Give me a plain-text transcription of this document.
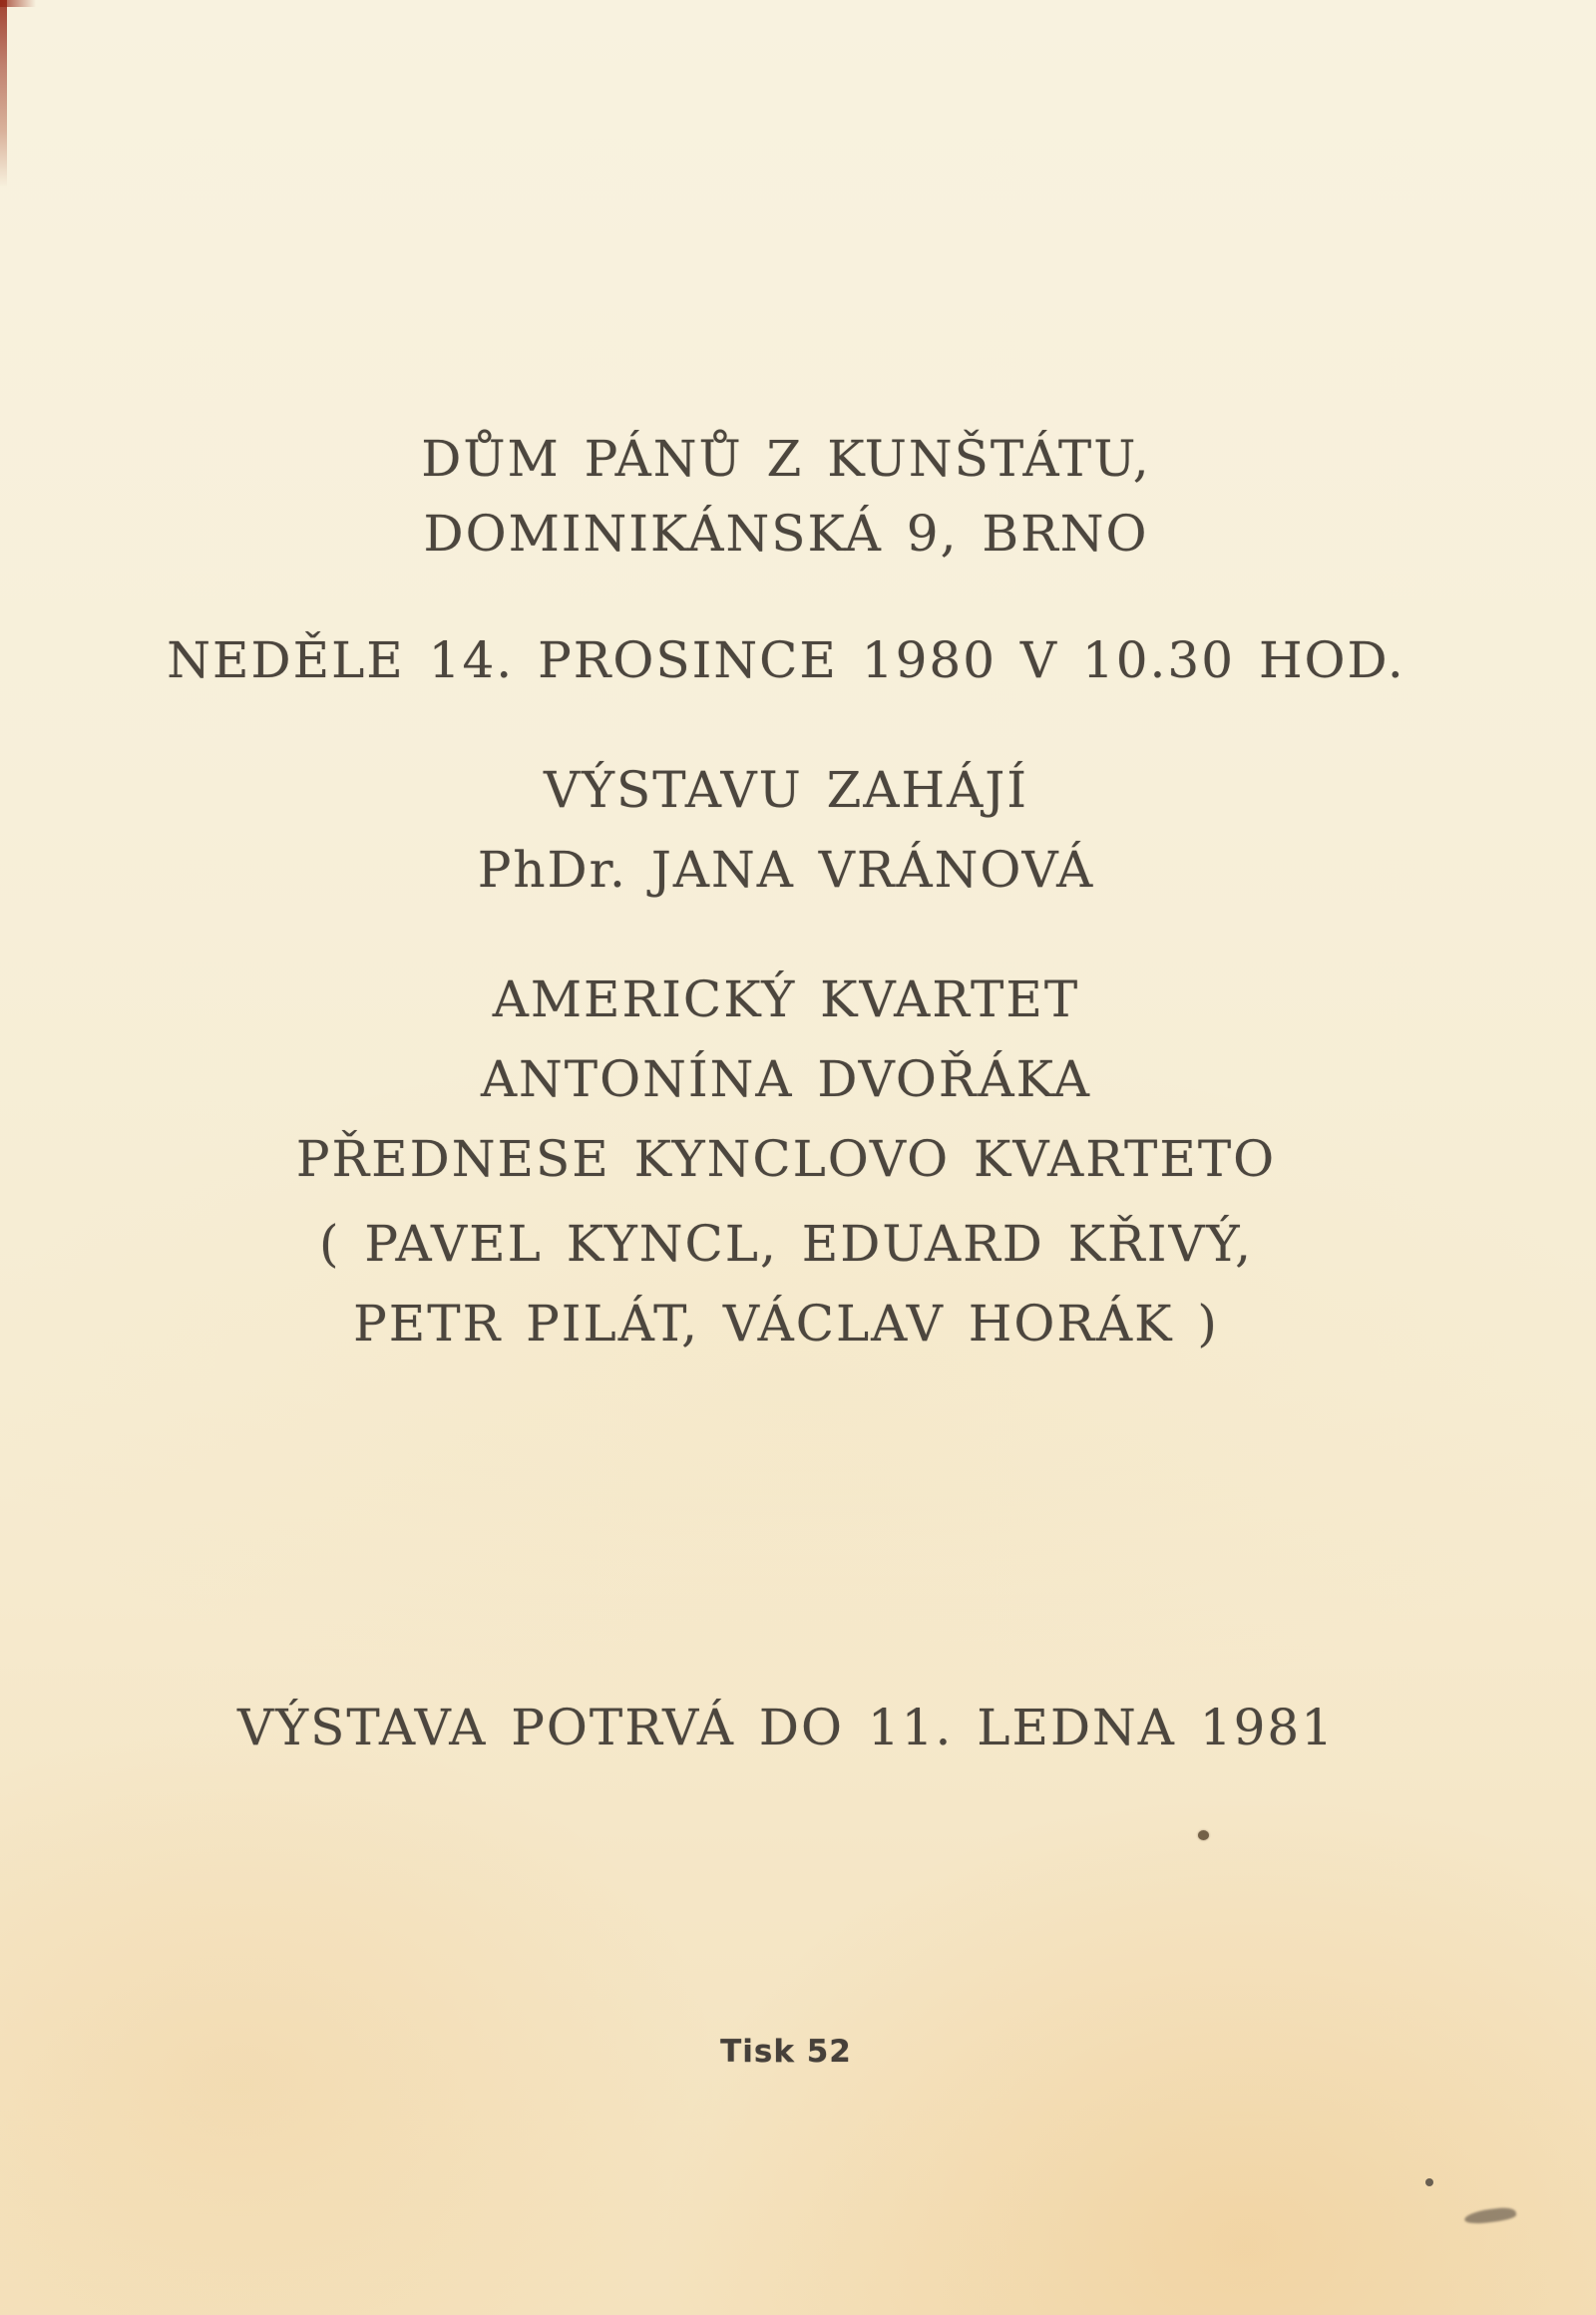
DŮM PÁNŮ Z KUNŠTÁTU,

DOMINIKÁNSKÁ 9, BRNO

NEDĚLE 14. PROSINCE 1980 V 10.30 HOD.

VÝSTAVU ZAHÁJÍ

PhDr. JANA VRÁNOVÁ

AMERICKÝ KVARTET

ANTONÍNA DVOŘÁKA

PŘEDNESE KYNCLOVO KVARTETO

( PAVEL KYNCL, EDUARD KŘIVÝ,

PETR PILÁT, VÁCLAV HORÁK )

VÝSTAVA POTRVÁ DO 11. LEDNA 1981

Tisk 52
